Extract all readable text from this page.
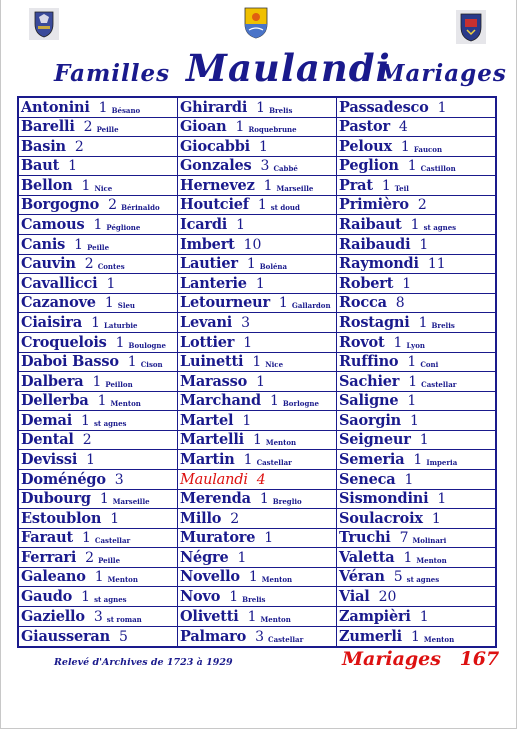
Familles Maulandi
Mariages
Antonini 1 Bésano
Barelli 2 Peille
Basin 2
Baut 1
Bellon 1 Nice
Borgogno 2 Bérinaldo
Camous 1 Péglione
Canis 1 Peille
Cauvin 2 Contes
Cavallicci 1
Cazanove 1 Sleu
Ciaisira 1 Laturbie
Croquelois 1 Boulogne
Daboi Basso 1 Cison
Dalbera 1 Peillon
Dellerba 1 Menton
Demai 1 st agnes
Dental 2
Devissi 1
Doménégo 3
Dubourg 1 Marseille
Estoublon 1
Faraut 1 Castellar
Ferrari 2 Peille
Galeano 1 Menton
Gaudo 1 st agnes
Gaziello 3 st roman
Giausseran 5
Ghirardi 1 Brelis
Gioan 1 Roquebrune
Giocabbi 1
Gonzales 3 Cabbé
Hernevez 1 Marseille
Houtcief 1 st doud
Icardi 1
Imbert 10
Lautier 1 Boléna
Lanterie 1
Letourneur 1 Gallardon
Levani 3
Lottier 1
Luinetti 1 Nice
Marasso 1
Marchand 1 Borlogne
Martel 1
Martelli 1 Menton
Martin 1 Castellar
Maulandi 4
Merenda 1 Breglio
Millo 2
Muratore 1
Négre 1
Novello 1 Menton
Novo 1 Brelis
Olivetti 1 Menton
Palmaro 3 Castellar
Passadesco 1
Pastor 4
Peloux 1 Faucon
Peglion 1 Castillon
Prat 1 Teil
Primièro 2
Raibaut 1 st agnes
Raibaudi 1
Raymondi 11
Robert 1
Rocca 8
Rostagni 1 Brelis
Rovot 1 Lyon
Ruffino 1 Coni
Sachier 1 Castellar
Saligne 1
Saorgin 1
Seigneur 1
Semeria 1 Imperia
Seneca 1
Sismondini 1
Soulacroix 1
Truchi 7 Molinari
Valetta 1 Menton
Véran 5 st agnes
Vial 20
Zampièri 1
Zumerli 1 Menton
Relevé d'Archives de 1723 à 1929	Mariages 167
